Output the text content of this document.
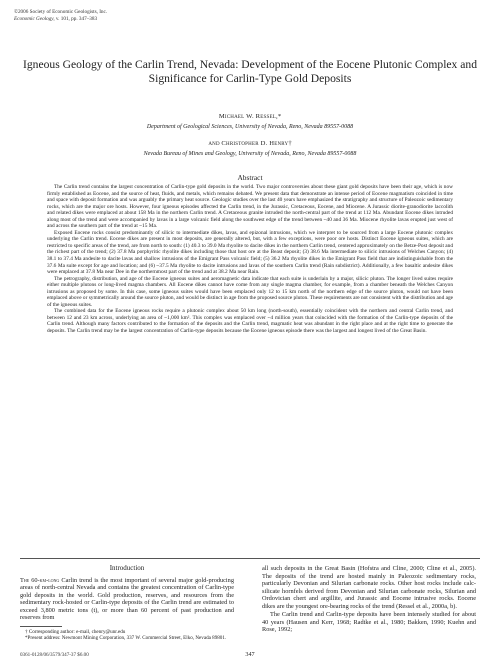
©2006 Society of Economic Geologists, Inc.
Economic Geology, v. 101, pp. 347–383
Igneous Geology of the Carlin Trend, Nevada: Development of the Eocene Plutonic Complex and Significance for Carlin-Type Gold Deposits
Michael W. Ressel,*
Department of Geological Sciences, University of Nevada, Reno, Nevada 89557-0088
and Christopher D. Henry†
Nevada Bureau of Mines and Geology, University of Nevada, Reno, Nevada 89557-0088
Abstract

The Carlin trend contains the largest concentration of Carlin-type gold deposits in the world. Two major controversies about these giant gold deposits have been their age, which is now firmly established as Eocene, and the source of heat, fluids, and metals, which remains debated. We present data that demonstrate an intense period of Eocene magmatism coincided in time and space with deposit formation and was arguably the primary heat source. Geologic studies over the last 40 years have emphasized the stratigraphy and structure of Paleozoic sedimentary rocks, which are the major ore hosts. However, four igneous episodes affected the Carlin trend, in the Jurassic, Cretaceous, Eocene, and Miocene. A Jurassic diorite-granodiorite laccolith and related dikes were emplaced at about 158 Ma in the northern Carlin trend. A Cretaceous granite intruded the north-central part of the trend at 112 Ma. Abundant Eocene dikes intruded along most of the trend and were accompanied by lavas in a large volcanic field along the southwest edge of the trend between ~40 and 36 Ma. Miocene rhyolite lavas erupted just west of and across the southern part of the trend at ~15 Ma.

Exposed Eocene rocks consist predominantly of silicic to intermediate dikes, lavas, and epizonal intrusions, which we interpret to be sourced from a large Eocene plutonic complex underlying the Carlin trend. Eocene dikes are present in most deposits, are generally altered, but, with a few exceptions, were poor ore hosts. Distinct Eocene igneous suites, which are restricted to specific areas of the trend, are from north to south: (1) 40.3 to 39.0 Ma rhyolite to dacite dikes in the northern Carlin trend, centered approximately on the Betze-Post deposit and the richest part of the trend; (2) 37.8 Ma porphyritic rhyolite dikes including those that host ore at the Beast deposit; (3) 38.6 Ma intermediate to silicic intrusions of Welches Canyon; (4) 38.1 to 37.4 Ma andesite to dacite lavas and shallow intrusions of the Emigrant Pass volcanic field; (5) 36.2 Ma rhyolite dikes in the Emigrant Pass field that are indistinguishable from the 37.6 Ma suite except for age and location; and (6) ~37.5 Ma rhyolite to dacite intrusions and lavas of the southern Carlin trend (Rain subdistrict). Additionally, a few basaltic andesite dikes were emplaced at 37.8 Ma near Dee in the northernmost part of the trend and at 38.2 Ma near Rain.

The petrography, distribution, and age of the Eocene igneous suites and aeromagnetic data indicate that each suite is underlain by a major, silicic pluton. The longer lived suites require either multiple plutons or long-lived magma chambers. All Eocene dikes cannot have come from any single magma chamber, for example, from a chamber beneath the Welches Canyon intrusions as proposed by some. In this case, some igneous suites would have been emplaced only 12 to 15 km north of the northern edge of the source pluton, would not have been emplaced above or symmetrically around the source pluton, and would be distinct in age from the proposed source pluton. These requirements are not consistent with the distribution and age of the igneous suites.

The combined data for the Eocene igneous rocks require a plutonic complex about 50 km long (north-south), essentially coincident with the northern and central Carlin trend, and between 12 and 23 km across, underlying an area of ~1,000 km². This complex was emplaced over ~4 million years that coincided with the formation of the Carlin-type deposits of the Carlin trend. Although many factors contributed to the formation of the deposits and the Carlin trend, magmatic heat was abundant in the right place and at the right time to generate the deposits. The Carlin trend may be the largest concentration of Carlin-type deposits because the Eocene igneous episode there was the largest and longest lived of the Great Basin.

Introduction

The 60-km-long Carlin trend is the most important of several major gold-producing areas of north-central Nevada and contains the greatest concentration of Carlin-type gold deposits in the world. Gold production, reserves, and resources from the sedimentary rock-hosted or Carlin-type deposits of the Carlin trend are estimated to exceed 3,800 metric tons (t), or more than 60 percent of past production and reserves from

all such deposits in the Great Basin (Hofstra and Cline, 2000; Cline et al., 2005). The deposits of the trend are hosted mainly in Paleozoic sedimentary rocks, particularly Devonian and Silurian carbonate rocks. Other host rocks include calc-silicate hornfels derived from Devonian and Silurian carbonate rocks, Silurian and Ordovician chert and argillite, and Jurassic and Eocene intrusive rocks. Eocene dikes are the youngest ore-bearing rocks of the trend (Ressel et al., 2000a, b).

The Carlin trend and Carlin-type deposits have been intensely studied for about 40 years (Hausen and Kerr, 1968; Radtke et al., 1980; Bakken, 1990; Kuehn and Rose, 1992;

† Corresponding author: e-mail, chenry@unr.edu
*Present address: Newmont Mining Corporation, 337 W. Commercial Street, Elko, Nevada 89801.
0361-0128/06/3579/347-37 $6.00	347
